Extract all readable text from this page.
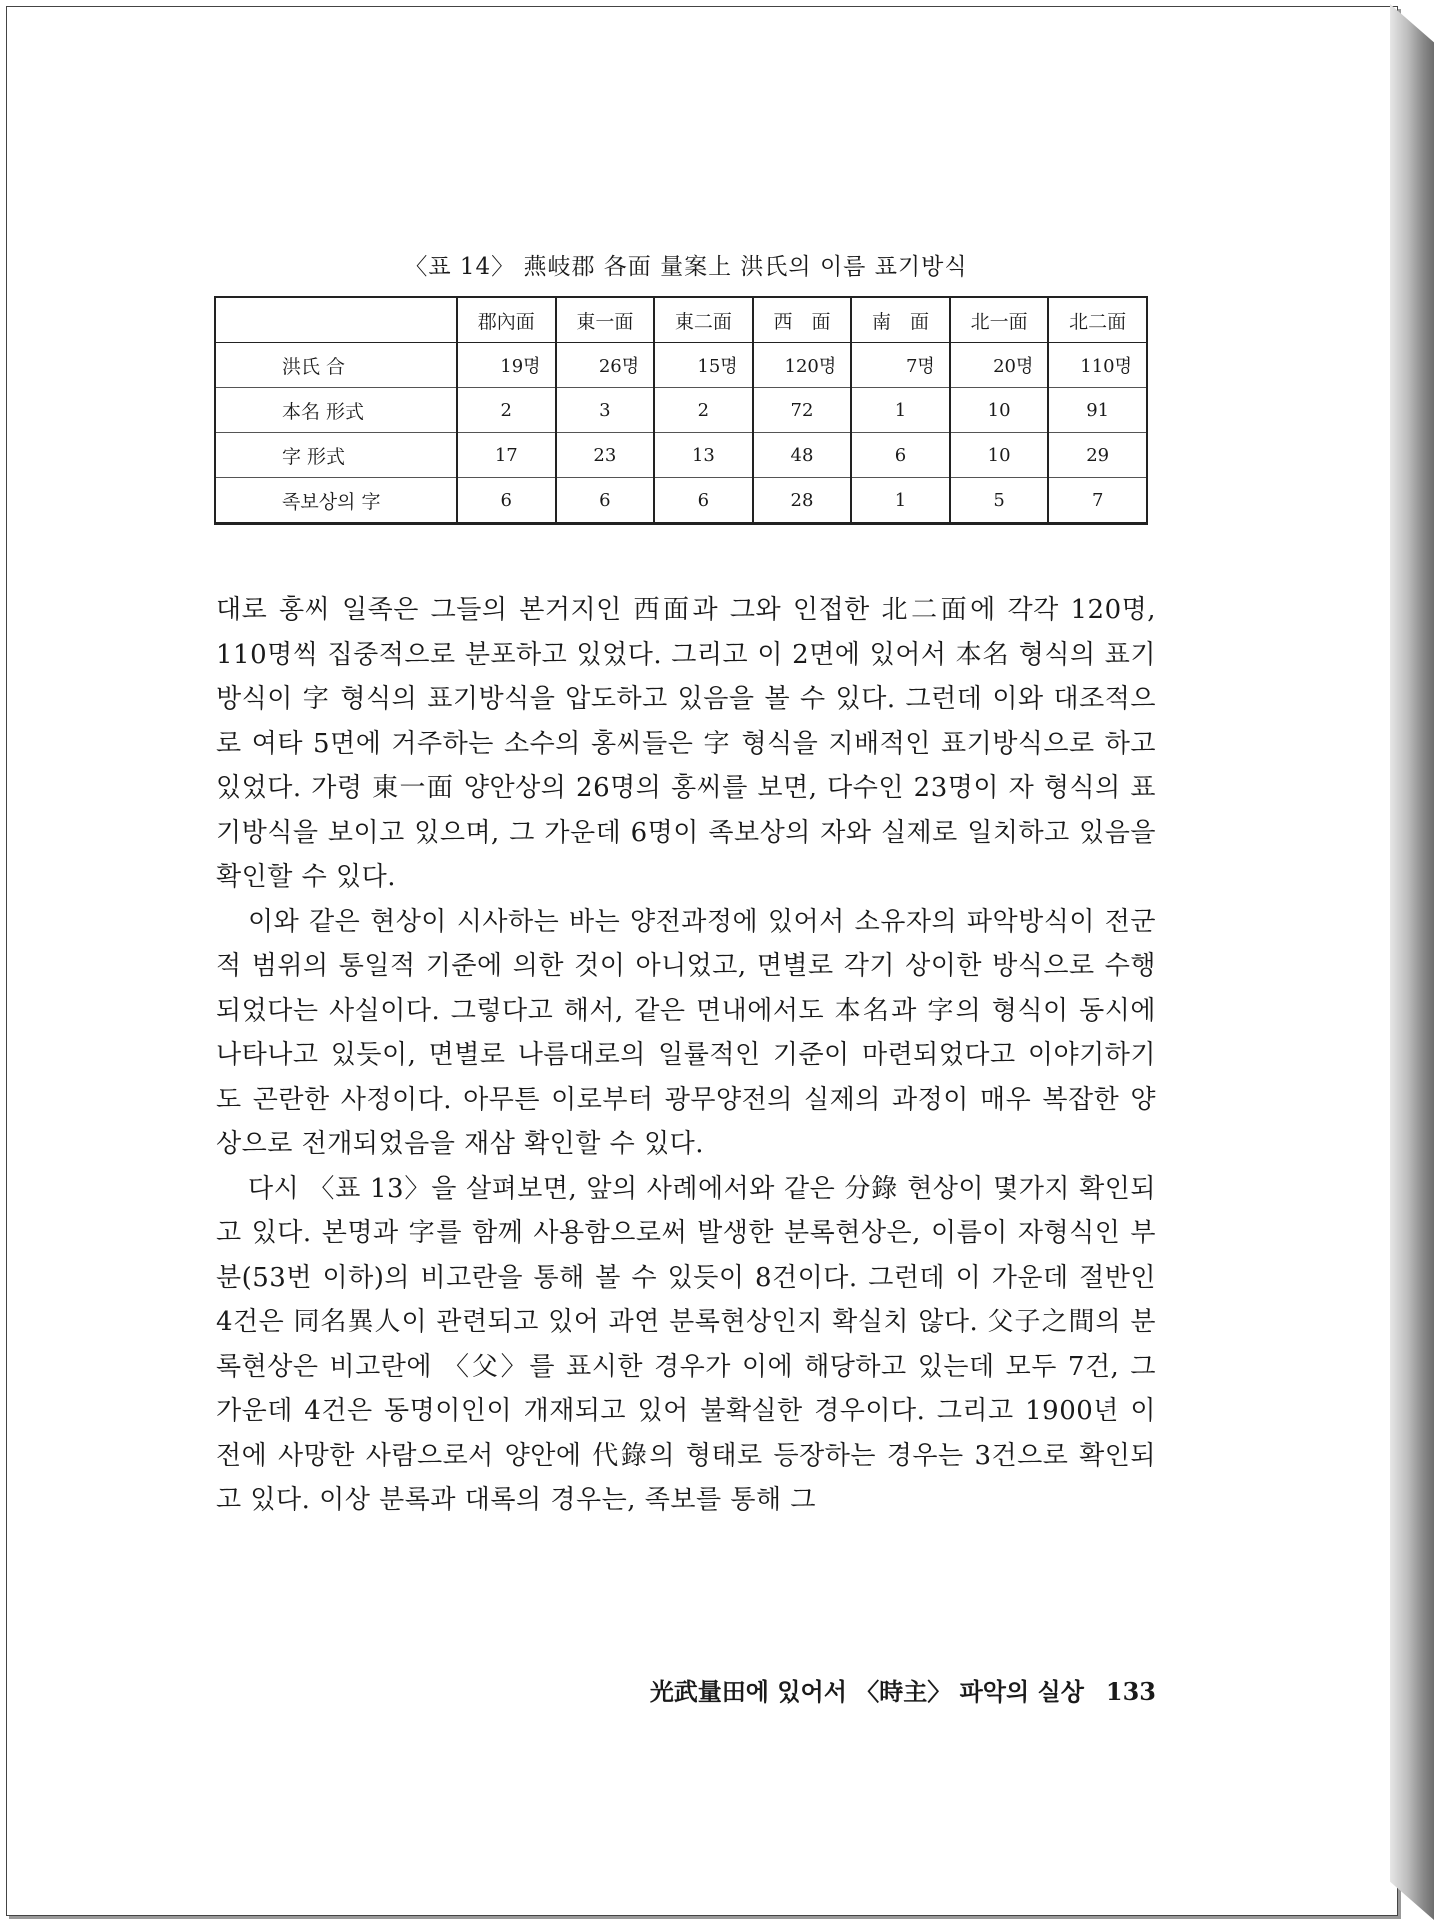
〈표 14〉 燕岐郡 各面 量案上 洪氏의 이름 표기방식
	郡內面	東一面	東二面	西　面	南　面	北一面	北二面
洪氏 合	19명	26명	15명	120명	7명	20명	110명
本名 形式	2	3	2	72	1	10	91
字 形式	17	23	13	48	6	10	29
족보상의 字	6	6	6	28	1	5	7

대로 홍씨 일족은 그들의 본거지인 西面과 그와 인접한 北二面에 각각 120명, 110명씩 집중적으로 분포하고 있었다. 그리고 이 2면에 있어서 本名 형식의 표기방식이 字 형식의 표기방식을 압도하고 있음을 볼 수 있다. 그런데 이와 대조적으로 여타 5면에 거주하는 소수의 홍씨들은 字 형식을 지배적인 표기방식으로 하고 있었다. 가령 東一面 양안상의 26명의 홍씨를 보면, 다수인 23명이 자 형식의 표기방식을 보이고 있으며, 그 가운데 6명이 족보상의 자와 실제로 일치하고 있음을 확인할 수 있다.

이와 같은 현상이 시사하는 바는 양전과정에 있어서 소유자의 파악방식이 전군적 범위의 통일적 기준에 의한 것이 아니었고, 면별로 각기 상이한 방식으로 수행되었다는 사실이다. 그렇다고 해서, 같은 면내에서도 本名과 字의 형식이 동시에 나타나고 있듯이, 면별로 나름대로의 일률적인 기준이 마련되었다고 이야기하기도 곤란한 사정이다. 아무튼 이로부터 광무양전의 실제의 과정이 매우 복잡한 양상으로 전개되었음을 재삼 확인할 수 있다.

다시 〈표 13〉을 살펴보면, 앞의 사례에서와 같은 分錄 현상이 몇가지 확인되고 있다. 본명과 字를 함께 사용함으로써 발생한 분록현상은, 이름이 자형식인 부분(53번 이하)의 비고란을 통해 볼 수 있듯이 8건이다. 그런데 이 가운데 절반인 4건은 同名異人이 관련되고 있어 과연 분록현상인지 확실치 않다. 父子之間의 분록현상은 비고란에 〈父〉를 표시한 경우가 이에 해당하고 있는데 모두 7건, 그 가운데 4건은 동명이인이 개재되고 있어 불확실한 경우이다. 그리고 1900년 이전에 사망한 사람으로서 양안에 代錄의 형태로 등장하는 경우는 3건으로 확인되고 있다. 이상 분록과 대록의 경우는, 족보를 통해 그

光武量田에 있어서 〈時主〉 파악의 실상 133
